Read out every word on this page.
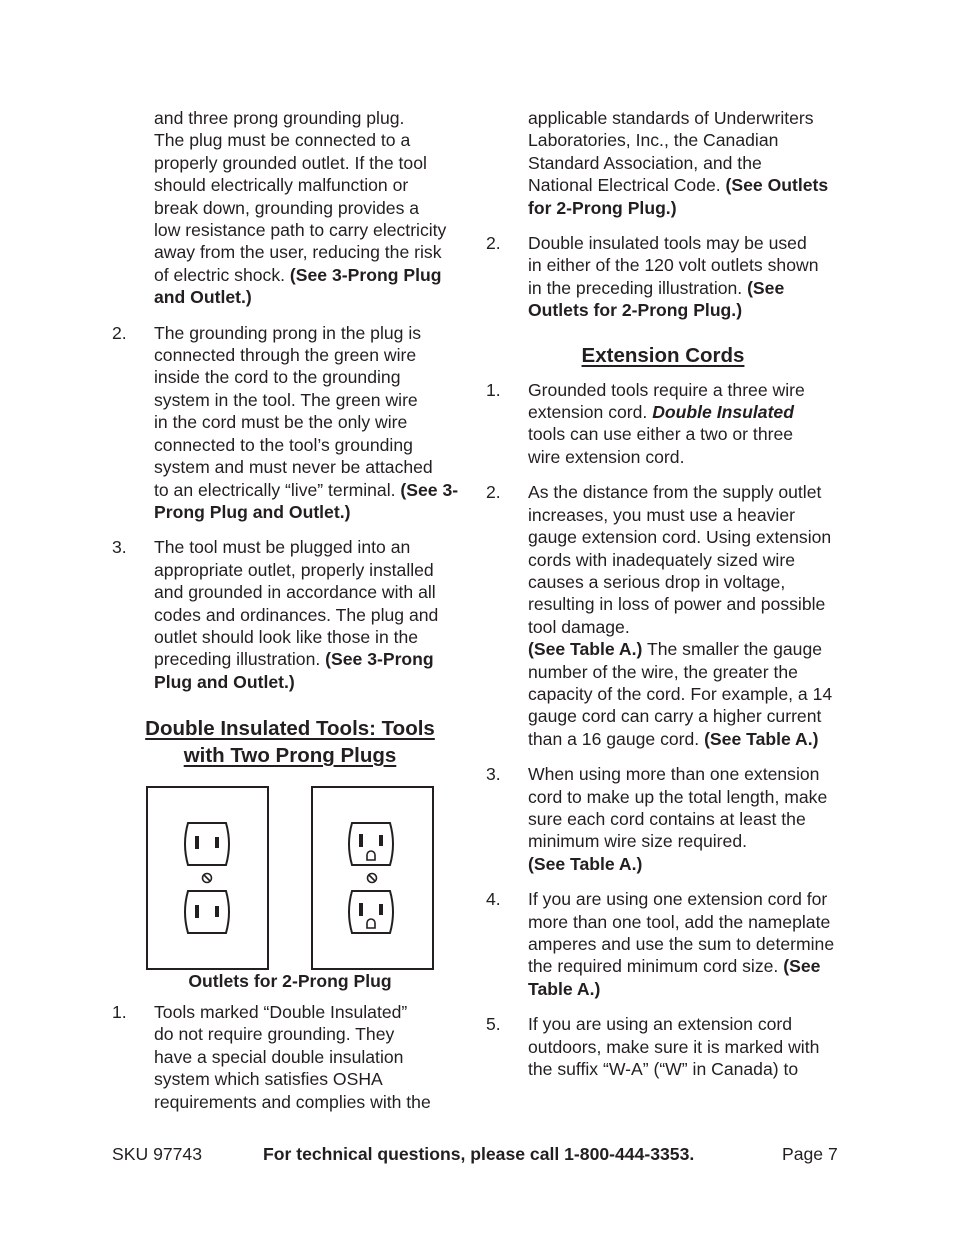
and three prong grounding plug.
The plug must be connected to a
properly grounded outlet. If the tool
should electrically malfunction or
break down, grounding provides a
low resistance path to carry electricity
away from the user, reducing the risk
of electric shock. (See 3-Prong Plug and Outlet.)
2.	The grounding prong in the plug is
connected through the green wire
inside the cord to the grounding
system in the tool. The green wire
in the cord must be the only wire
connected to the tool’s grounding
system and must never be attached
to an electrically “live” terminal. (See 3-Prong Plug and Outlet.)
3.	The tool must be plugged into an
appropriate outlet, properly installed
and grounded in accordance with all
codes and ordinances. The plug and
outlet should look like those in the
preceding illustration. (See 3-Prong Plug and Outlet.)
Double Insulated Tools: Tools
with Two Prong Plugs
Outlets for 2-Prong Plug
1.	Tools marked “Double Insulated”
do not require grounding. They
have a special double insulation
system which satisfies OSHA
requirements and complies with the
applicable standards of Underwriters
Laboratories, Inc., the Canadian
Standard Association, and the
National Electrical Code. (See Outlets for 2-Prong Plug.)
2.	Double insulated tools may be used
in either of the 120 volt outlets shown
in the preceding illustration. (See Outlets for 2-Prong Plug.)
Extension Cords
1.	Grounded tools require a three wire extension cord. Double Insulated tools can use either a two or three wire extension cord.
2.	As the distance from the supply outlet increases, you must use a heavier gauge extension cord. Using extension cords with inadequately sized wire causes a serious drop in voltage, resulting in loss of power and possible tool damage.
(See Table A.) The smaller the gauge number of the wire, the greater the capacity of the cord. For example, a 14 gauge cord can carry a higher current than a 16 gauge cord. (See Table A.)
3.	When using more than one extension cord to make up the total length, make sure each cord contains at least the minimum wire size required.
(See Table A.)
4.	If you are using one extension cord for more than one tool, add the nameplate amperes and use the sum to determine the required minimum cord size. (See Table A.)
5.	If you are using an extension cord outdoors, make sure it is marked with the suffix “W-A” (“W” in Canada) to
SKU 97743	For technical questions, please call 1-800-444-3353.	Page 7
